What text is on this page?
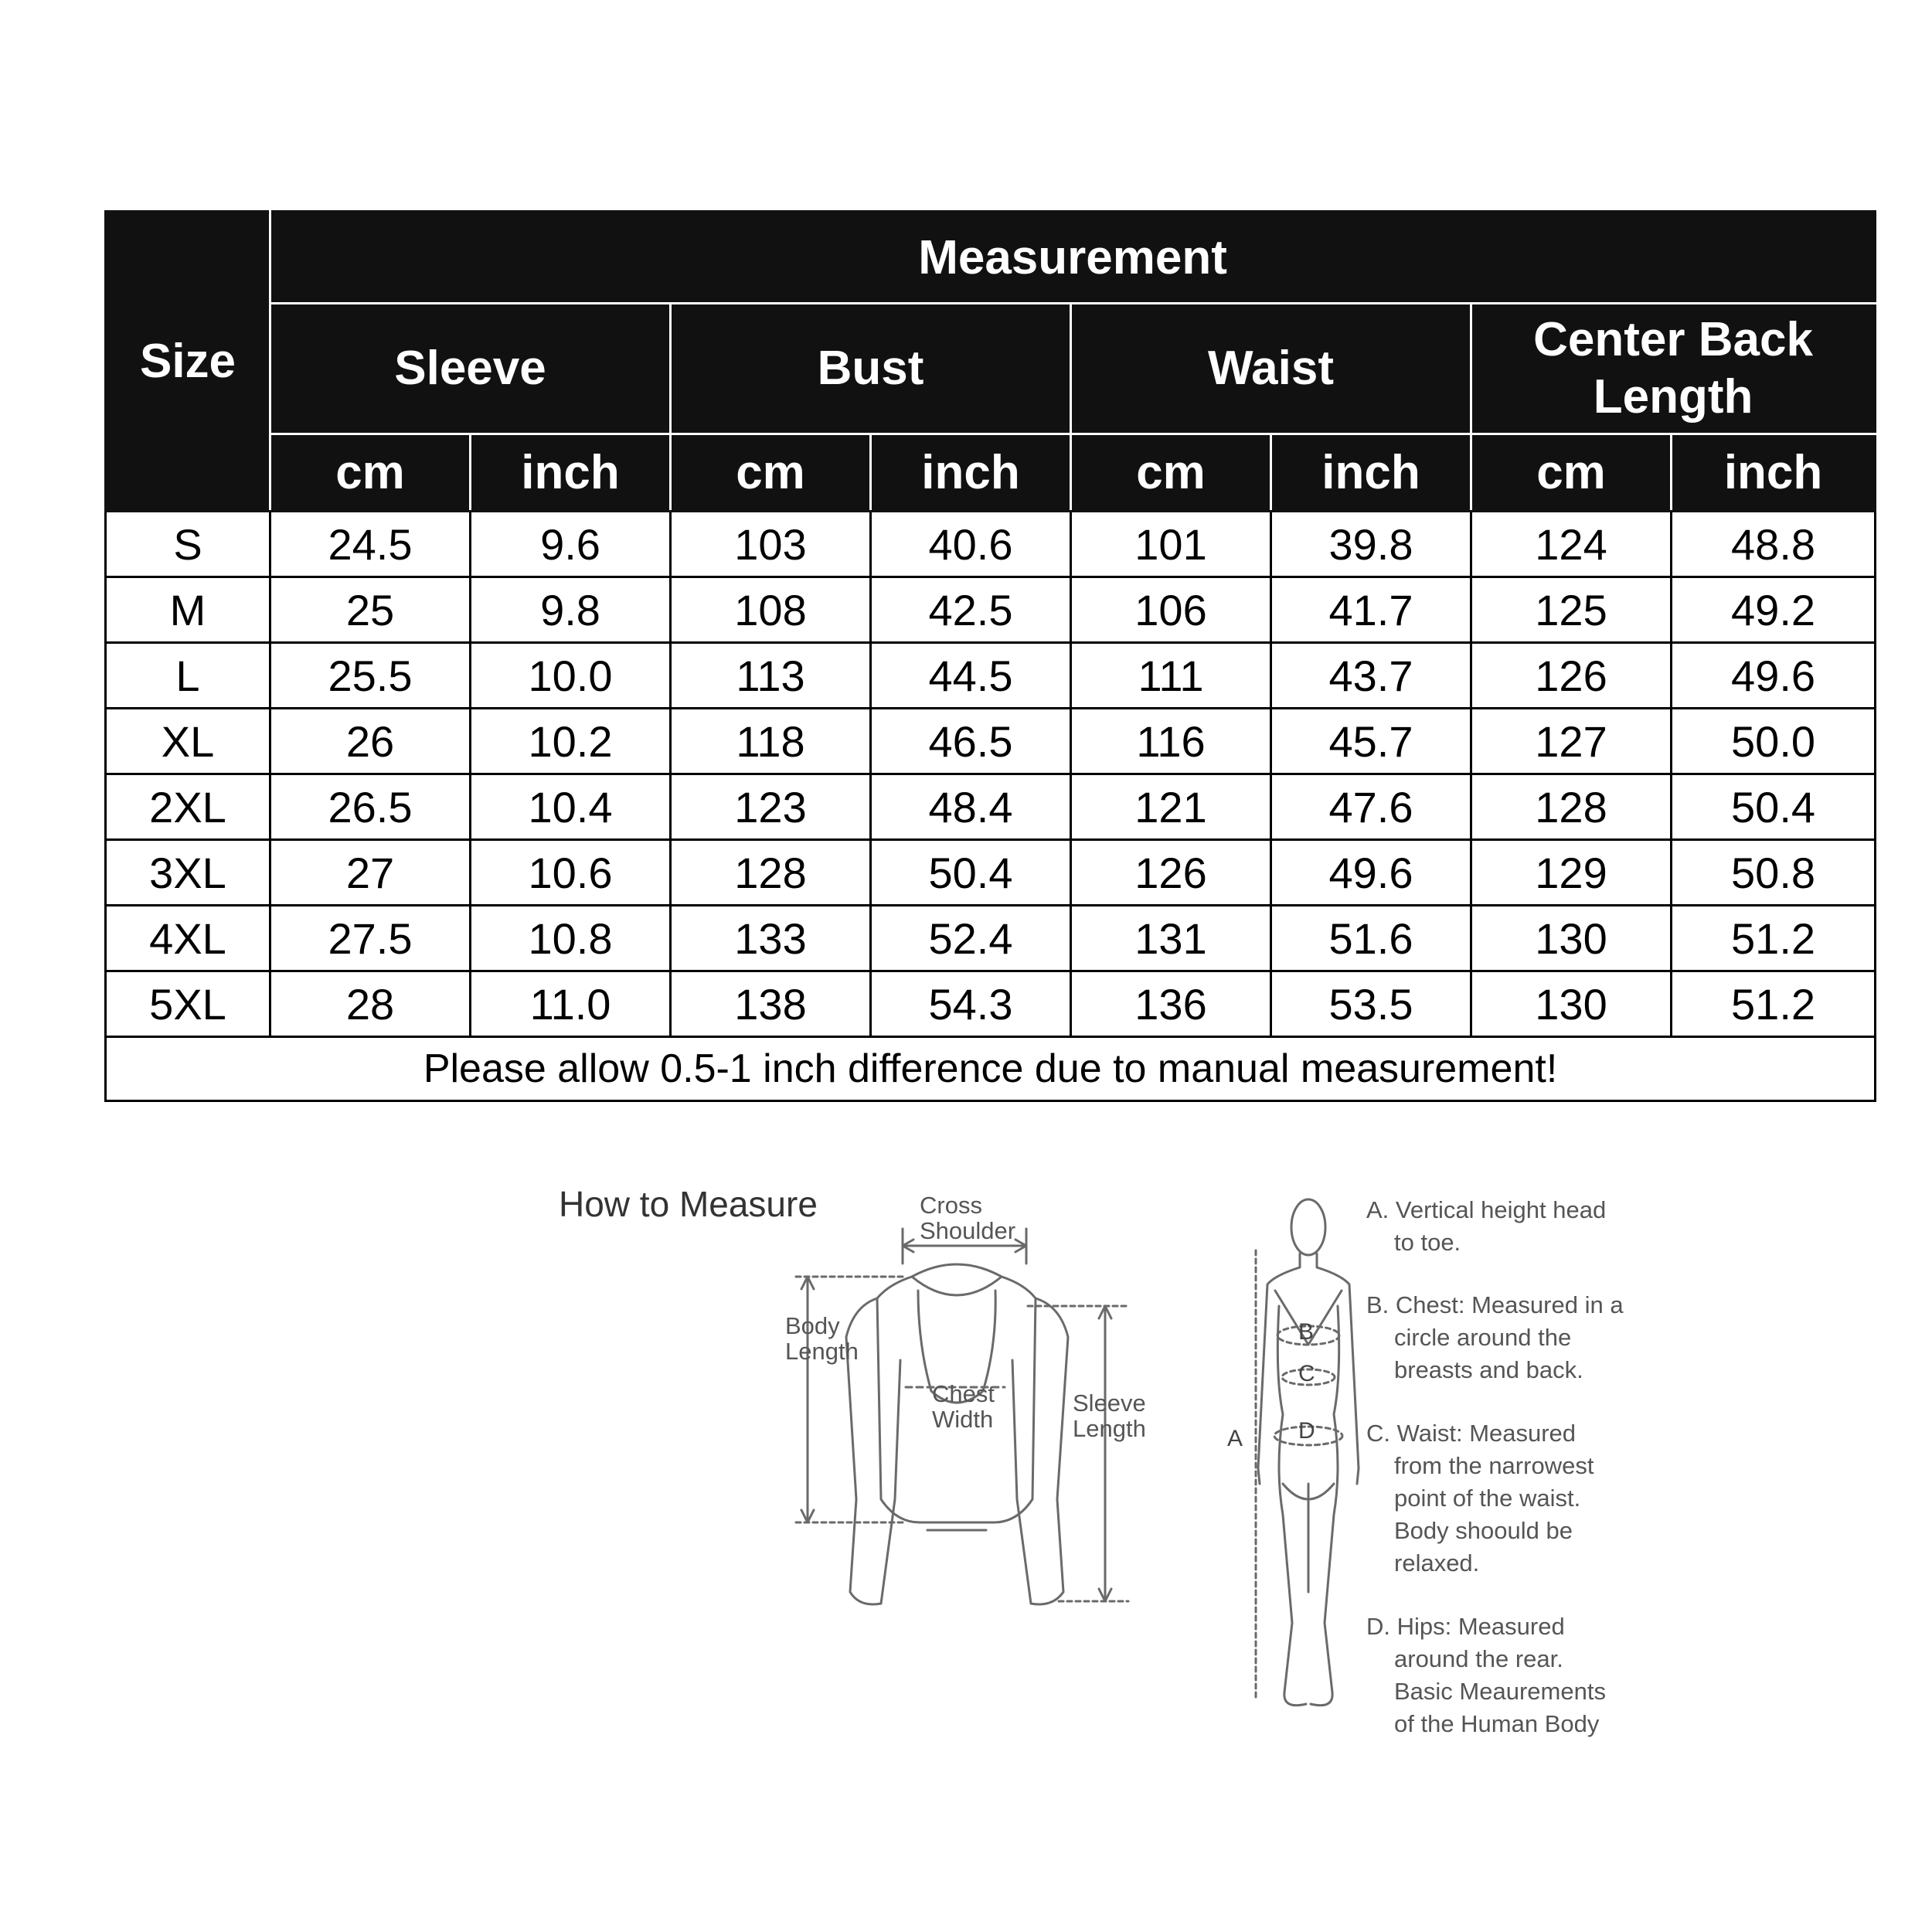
Size	Measurement							
	Sleeve		Bust		Waist		Center Back Length	
	cm	inch	cm	inch	cm	inch	cm	inch
S	24.5	9.6	103	40.6	101	39.8	124	48.8
M	25	9.8	108	42.5	106	41.7	125	49.2
L	25.5	10.0	113	44.5	111	43.7	126	49.6
XL	26	10.2	118	46.5	116	45.7	127	50.0
2XL	26.5	10.4	123	48.4	121	47.6	128	50.4
3XL	27	10.6	128	50.4	126	49.6	129	50.8
4XL	27.5	10.8	133	52.4	131	51.6	130	51.2
5XL	28	11.0	138	54.3	136	53.5	130	51.2
Please allow 0.5-1 inch difference due to manual measurement!								
How to Measure	Cross Shoulder
Body Length
Chest Width
Sleeve Length
B
C
D
A
A. Vertical height head
to toe.
B. Chest: Measured in a
circle around the
breasts and back.
C. Waist: Measured
from the narrowest
point of the waist.
Body shoould be
relaxed.
D. Hips: Measured
around the rear.
Basic Meaurements
of the Human Body
